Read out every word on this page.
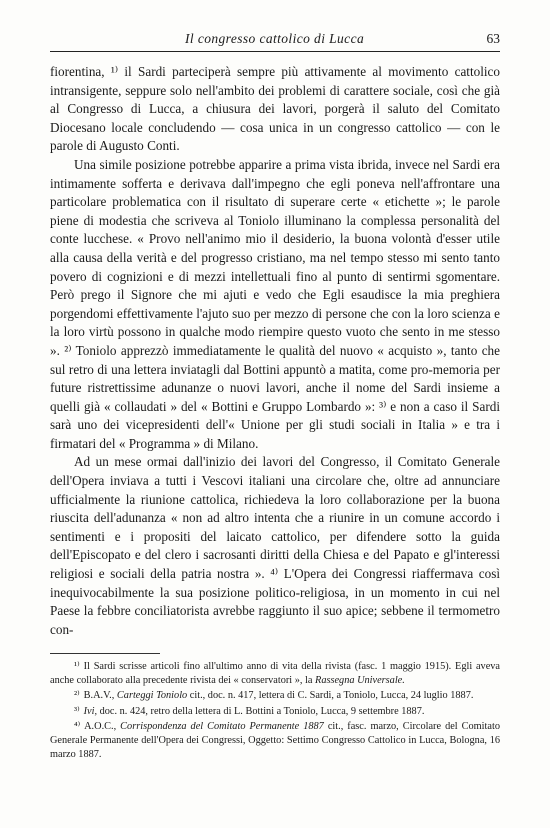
Il congresso cattolico di Lucca	63

fiorentina, ¹⁾ il Sardi parteciperà sempre più attivamente al movimento cattolico intransigente, seppure solo nell'ambito dei problemi di carattere sociale, così che già al Congresso di Lucca, a chiusura dei lavori, porgerà il saluto del Comitato Diocesano locale concludendo — cosa unica in un congresso cattolico — con le parole di Augusto Conti.

Una simile posizione potrebbe apparire a prima vista ibrida, invece nel Sardi era intimamente sofferta e derivava dall'impegno che egli poneva nell'affrontare una particolare problematica con il risultato di superare certe « etichette »; le parole piene di modestia che scriveva al Toniolo illuminano la complessa personalità del conte lucchese. « Provo nell'animo mio il desiderio, la buona volontà d'esser utile alla causa della verità e del progresso cristiano, ma nel tempo stesso mi sento tanto povero di cognizioni e di mezzi intellettuali fino al punto di sentirmi sgomentare. Però prego il Signore che mi ajuti e vedo che Egli esaudisce la mia preghiera porgendomi effettivamente l'ajuto suo per mezzo di persone che con la loro scienza e la loro virtù possono in qualche modo riempire questo vuoto che sento in me stesso ». ²⁾ Toniolo apprezzò immediatamente le qualità del nuovo « acquisto », tanto che sul retro di una lettera inviatagli dal Bottini appuntò a matita, come pro-memoria per future ristrettissime adunanze o nuovi lavori, anche il nome del Sardi insieme a quelli già « collaudati » del « Bottini e Gruppo Lombardo »: ³⁾ e non a caso il Sardi sarà uno dei vicepresidenti dell'« Unione per gli studi sociali in Italia » e tra i firmatari del « Programma » di Milano.

Ad un mese ormai dall'inizio dei lavori del Congresso, il Comitato Generale dell'Opera inviava a tutti i Vescovi italiani una circolare che, oltre ad annunciare ufficialmente la riunione cattolica, richiedeva la loro collaborazione per la buona riuscita dell'adunanza « non ad altro intenta che a riunire in un comune accordo i sentimenti e i propositi del laicato cattolico, per difendere sotto la guida dell'Episcopato e del clero i sacrosanti diritti della Chiesa e del Papato e gl'interessi religiosi e sociali della patria nostra ». ⁴⁾ L'Opera dei Congressi riaffermava così inequivocabilmente la sua posizione politico-religiosa, in un momento in cui nel Paese la febbre conciliatorista avrebbe raggiunto il suo apice; sebbene il termometro con-

¹⁾ Il Sardi scrisse articoli fino all'ultimo anno di vita della rivista (fasc. 1 maggio 1915). Egli aveva anche collaborato alla precedente rivista dei « conservatori », la Rassegna Universale.

²⁾ B.A.V., Carteggi Toniolo cit., doc. n. 417, lettera di C. Sardi, a Toniolo, Lucca, 24 luglio 1887.

³⁾ Ivi, doc. n. 424, retro della lettera di L. Bottini a Toniolo, Lucca, 9 settembre 1887.

⁴⁾ A.O.C., Corrispondenza del Comitato Permanente 1887 cit., fasc. marzo, Circolare del Comitato Generale Permanente dell'Opera dei Congressi, Oggetto: Settimo Congresso Cattolico in Lucca, Bologna, 16 marzo 1887.
